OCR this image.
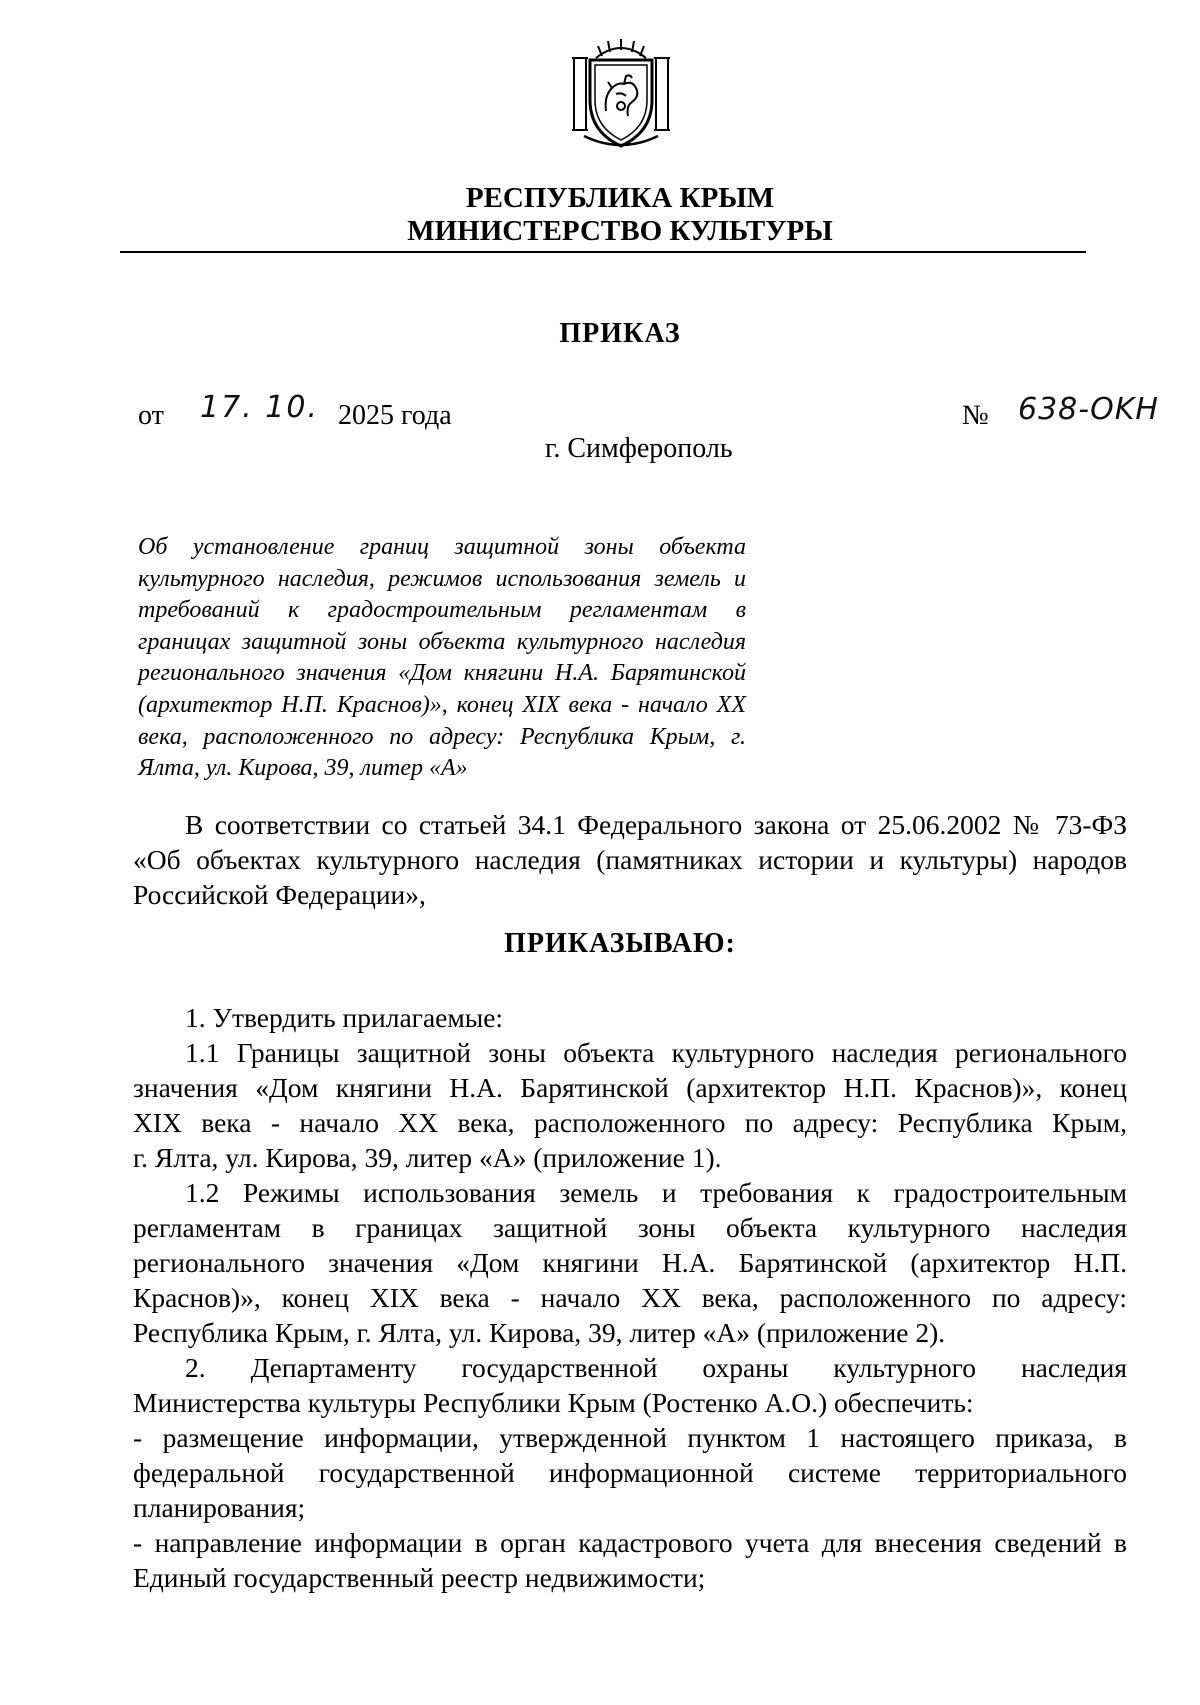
РЕСПУБЛИКА КРЫМ
МИНИСТЕРСТВО КУЛЬТУРЫ
ПРИКАЗ
от 17. 10. 2025 года	№ 638-OKH
г. Симферополь
Об установление границ защитной зоны объекта
культурного наследия, режимов использования земель и
требований к градостроительным регламентам в
границах защитной зоны объекта культурного наследия
регионального значения «Дом княгини Н.А. Барятинской
(архитектор Н.П. Краснов)», конец XIX века - начало XX
века, расположенного по адресу: Республика Крым, г.
Ялта, ул. Кирова, 39, литер «А»
В соответствии со статьей 34.1 Федерального закона от 25.06.2002 № 73-ФЗ
«Об объектах культурного наследия (памятниках истории и культуры) народов
Российской Федерации»,
ПРИКАЗЫВАЮ:
1. Утвердить прилагаемые:
1.1 Границы защитной зоны объекта культурного наследия регионального
значения «Дом княгини Н.А. Барятинской (архитектор Н.П. Краснов)», конец
XIX века - начало XX века, расположенного по адресу: Республика Крым,
г. Ялта, ул. Кирова, 39, литер «А» (приложение 1).
1.2 Режимы использования земель и требования к градостроительным
регламентам в границах защитной зоны объекта культурного наследия
регионального значения «Дом княгини Н.А. Барятинской (архитектор Н.П.
Краснов)», конец XIX века - начало XX века, расположенного по адресу:
Республика Крым, г. Ялта, ул. Кирова, 39, литер «А» (приложение 2).
2. Департаменту государственной охраны культурного наследия
Министерства культуры Республики Крым (Ростенко А.О.) обеспечить:
- размещение информации, утвержденной пунктом 1 настоящего приказа, в
федеральной государственной информационной системе территориального
планирования;
- направление информации в орган кадастрового учета для внесения сведений в
Единый государственный реестр недвижимости;
